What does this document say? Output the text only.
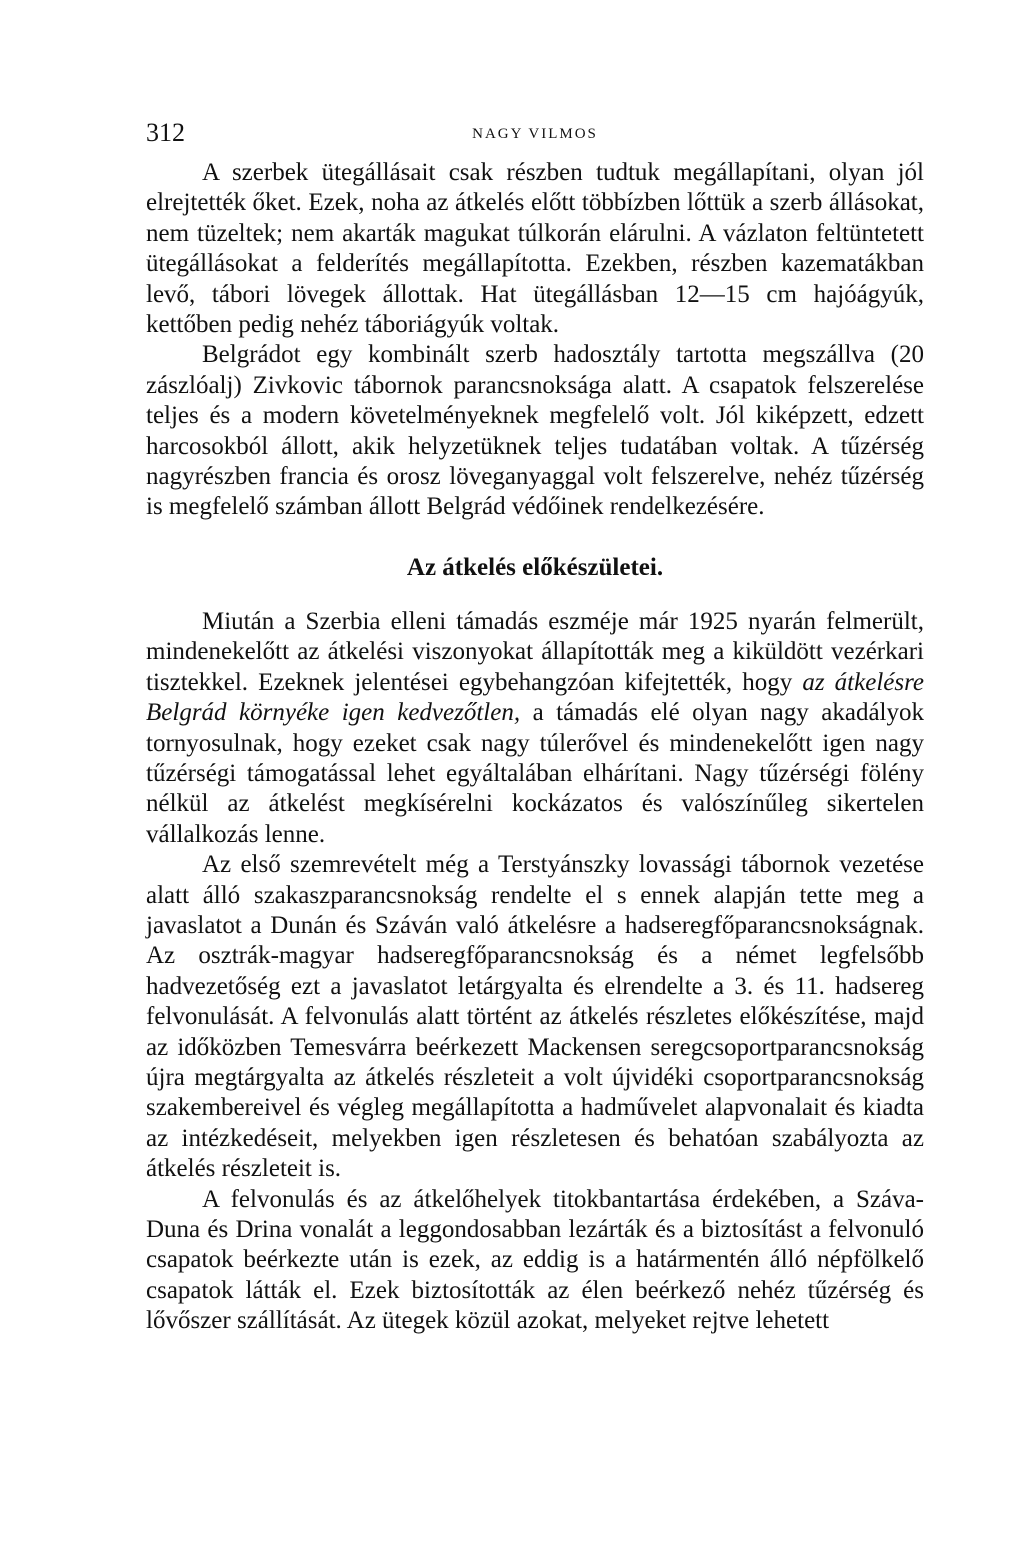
312	NAGY VILMOS

A szerbek ütegállásait csak részben tudtuk megállapítani, olyan jól elrejtették őket. Ezek, noha az átkelés előtt többízben lőttük a szerb állásokat, nem tüzeltek; nem akarták magukat túlkorán elárulni. A vázlaton feltüntetett ütegállásokat a felderítés megállapította. Ezekben, részben kazematákban levő, tábori lövegek állottak. Hat ütegállásban 12—15 cm hajóágyúk, kettőben pedig nehéz táboriágyúk voltak.

Belgrádot egy kombinált szerb hadosztály tartotta megszállva (20 zászlóalj) Zivkovic tábornok parancsnoksága alatt. A csapatok felszerelése teljes és a modern követelményeknek megfelelő volt. Jól kiképzett, edzett harcosokból állott, akik helyzetüknek teljes tudatában voltak. A tűzérség nagyrészben francia és orosz löveganyaggal volt felszerelve, nehéz tűzérség is megfelelő számban állott Belgrád védőinek rendelkezésére.

Az átkelés előkészületei.

Miután a Szerbia elleni támadás eszméje már 1925 nyarán felmerült, mindenekelőtt az átkelési viszonyokat állapították meg a kiküldött vezérkari tisztekkel. Ezeknek jelentései egybehangzóan kifejtették, hogy az átkelésre Belgrád környéke igen kedvezőtlen, a támadás elé olyan nagy akadályok tornyosulnak, hogy ezeket csak nagy túlerővel és mindenekelőtt igen nagy tűzérségi támogatással lehet egyáltalában elhárítani. Nagy tűzérségi fölény nélkül az átkelést megkísérelni kockázatos és valószínűleg sikertelen vállalkozás lenne.

Az első szemrevételt még a Terstyánszky lovassági tábornok vezetése alatt álló szakaszparancsnokság rendelte el s ennek alapján tette meg a javaslatot a Dunán és Száván való átkelésre a hadseregfőparancsnokságnak. Az osztrák-magyar hadseregfőparancsnokság és a német legfelsőbb hadvezetőség ezt a javaslatot letárgyalta és elrendelte a 3. és 11. hadsereg felvonulását. A felvonulás alatt történt az átkelés részletes előkészítése, majd az időközben Temesvárra beérkezett Mackensen seregcsoportparancsnokság újra megtárgyalta az átkelés részleteit a volt újvidéki csoportparancsnokság szakembereivel és végleg megállapította a hadművelet alapvonalait és kiadta az intézkedéseit, melyekben igen részletesen és behatóan szabályozta az átkelés részleteit is.

A felvonulás és az átkelőhelyek titokbantartása érdekében, a Száva-Duna és Drina vonalát a leggondosabban lezárták és a biztosítást a felvonuló csapatok beérkezte után is ezek, az eddig is a határmentén álló népfölkelő csapatok látták el. Ezek biztosították az élen beérkező nehéz tűzérség és lővőszer szállítását. Az ütegek közül azokat, melyeket rejtve lehetett
